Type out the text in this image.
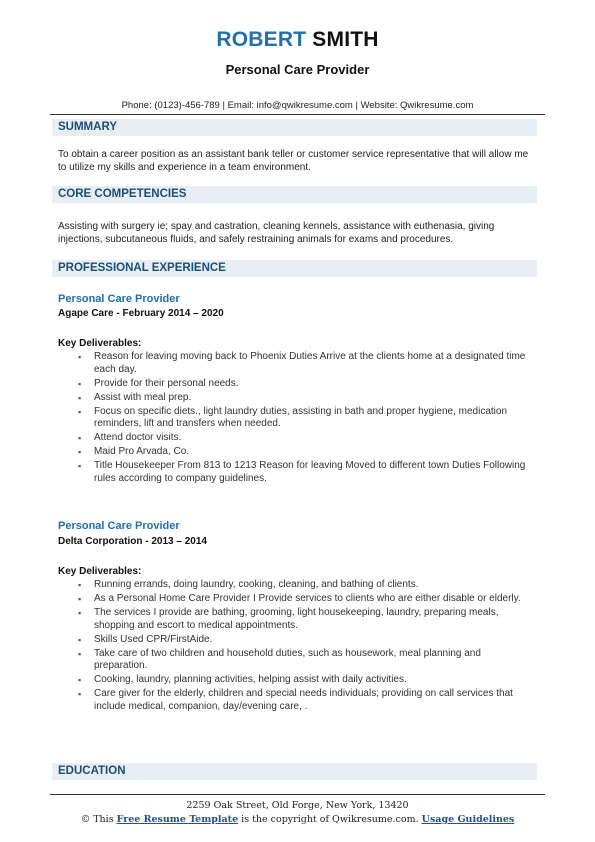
ROBERT SMITH
Personal Care Provider
Phone: (0123)-456-789 | Email: info@qwikresume.com | Website: Qwikresume.com
SUMMARY
To obtain a career position as an assistant bank teller or customer service representative that will allow me to utilize my skills and experience in a team environment.
CORE COMPETENCIES
Assisting with surgery ie; spay and castration, cleaning kennels, assistance with euthenasia, giving injections, subcutaneous fluids, and safely restraining animals for exams and procedures.
PROFESSIONAL EXPERIENCE
Personal Care Provider
Agape Care - February 2014 – 2020
Key Deliverables:
▪ Reason for leaving moving back to Phoenix Duties Arrive at the clients home at a designated time each day.
▪ Provide for their personal needs.
▪ Assist with meal prep.
▪ Focus on specific diets., light laundry duties, assisting in bath and proper hygiene, medication reminders, lift and transfers when needed.
▪ Attend doctor visits.
▪ Maid Pro Arvada, Co.
▪ Title Housekeeper From 813 to 1213 Reason for leaving Moved to different town Duties Following rules according to company guidelines.
Personal Care Provider
Delta Corporation - 2013 – 2014
Key Deliverables:
▪ Running errands, doing laundry, cooking, cleaning, and bathing of clients.
▪ As a Personal Home Care Provider I Provide services to clients who are either disable or elderly.
▪ The services I provide are bathing, grooming, light housekeeping, laundry, preparing meals, shopping and escort to medical appointments.
▪ Skills Used CPR/FirstAide.
▪ Take care of two children and household duties, such as housework, meal planning and preparation.
▪ Cooking, laundry, planning activities, helping assist with daily activities.
▪ Care giver for the elderly, children and special needs individuals; providing on call services that include medical, companion, day/evening care, .
EDUCATION
2259 Oak Street, Old Forge, New York, 13420
© This Free Resume Template is the copyright of Qwikresume.com. Usage Guidelines
